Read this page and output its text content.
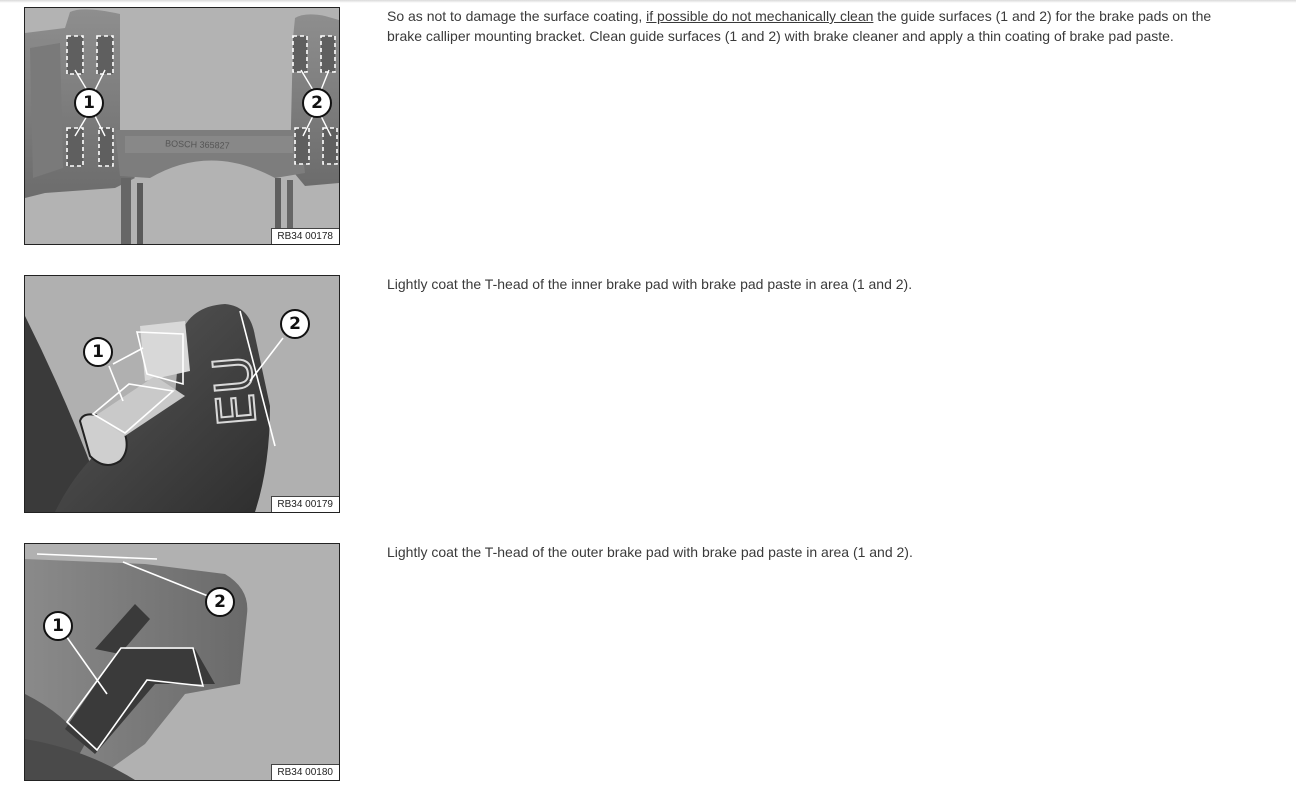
BOSCH 365827
1	2
RB34 00178

So as not to damage the surface coating, if possible do not mechanically clean the guide surfaces (1 and 2) for the brake pads on the brake calliper mounting bracket. Clean guide surfaces (1 and 2) with brake cleaner and apply a thin coating of brake pad paste.

EU
1
2
RB34 00179

Lightly coat the T-head of the inner brake pad with brake pad paste in area (1 and 2).

2
1
RB34 00180

Lightly coat the T-head of the outer brake pad with brake pad paste in area (1 and 2).
